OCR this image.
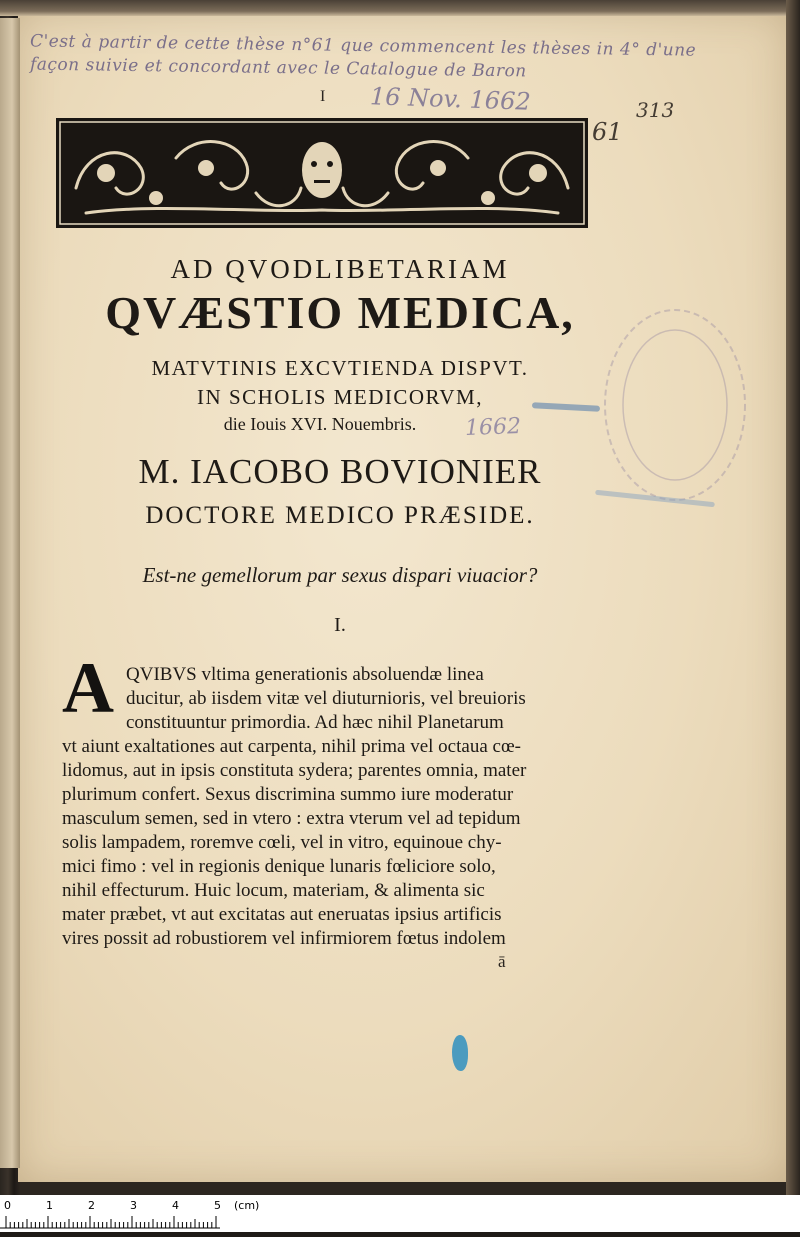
C'est à partir de cette thèse n°61 que commencent les thèses in 4° d'une
façon suivie et concordant avec le Catalogue de Baron
16 Nov. 1662
61
313
1662
I
AD QVODLIBETARIAM
QVÆSTIO MEDICA,
MATVTINIS EXCVTIENDA DISPVT.
IN SCHOLIS MEDICORVM,
die Iouis XVI. Nouembris.
M. IACOBO BOVIONIER
DOCTORE MEDICO PRÆSIDE.
Est-ne gemellorum par sexus dispari viuacior?
I.
A QVIBVS vltima generationis absoluendæ linea
ducitur, ab iisdem vitæ vel diuturnioris, vel breuioris
constituuntur primordia. Ad hæc nihil Planetarum
vt aiunt exaltationes aut carpenta, nihil prima vel octaua cœ-
lidomus, aut in ipsis constituta sydera; parentes omnia, mater
plurimum confert. Sexus discrimina summo iure moderatur
masculum semen, sed in vtero : extra vterum vel ad tepidum
solis lampadem, roremve cœli, vel in vitro, equinoue chy-
mici fimo : vel in regionis denique lunaris fœliciore solo,
nihil effecturum. Huic locum, materiam, & alimenta sic
mater præbet, vt aut excitatas aut eneruatas ipsius artificis
vires possit ad robustiorem vel infirmiorem fœtus indolem
ā
0	1	2	3	4	5 (cm)
